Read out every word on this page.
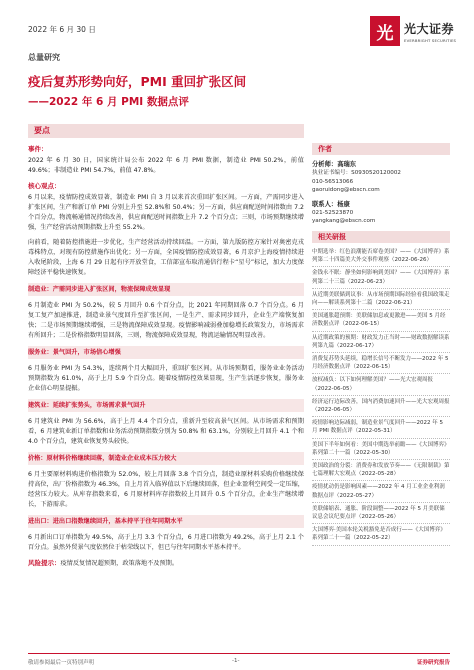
2022 年 6 月 30 日	光 光大证券
EVERBRIGHT SECURITIES
总量研究
疫后复苏形势向好，PMI 重回扩张区间
——2022 年 6 月 PMI 数据点评
要点
事件：
2022 年 6 月 30 日，国家统计局公布 2022 年 6 月 PMI 数据，制造业 PMI 50.2%，前值 49.6%；非制造业 PMI 54.7%，前值 47.8%。
核心观点：
6 月以来，疫情防控成效显著，制造业 PMI 自 3 月以来首次重回扩张区间。一方面，产需同步进入扩张区间，生产和新订单 PMI 分别上升至 52.8%和 50.4%；另一方面，供应商配送时间指数由 7.2 个百分点，物流畅通情况持续改善，供应商配送时间指数上升 7.2 个百分点；三则，市场预期继续增强，生产经营活动预期指数上升至 55.2%。
向前看，随着防控措施进一步优化，生产经营活动持续回温。一方面，第九版防控方案针对奥密克戎毒株特点，对现有防控措施作出优化；另一方面，全国疫情防控成效显著，6 月京沪上海疫情持续进入收尾阶段，上海 6 月 29 日起有序开放堂食，工信部宣布取消通信行程卡“星号”标记，加大力度保障经济平稳快速恢复。
制造业：产需同步进入扩张区间，物流保障成效显现
6 月制造业 PMI 为 50.2%，较 5 月回升 0.6 个百分点，比 2021 年同期回落 0.7 个百分点。6 月复工复产加速推进，制造业景气度回升至扩张区间，一是生产、需求同步回升，企业生产端恢复加快；二是市场预期继续增强，三是物流保障成效显现。疫情影响减弱叠加稳增长政策发力，市场需求有所回升；二是价格指数明显回落，三则，物流保障成效显现，物流运输情况明显改善。
服务业：景气回升，市场信心增强
6 月服务业 PMI 为 54.3%，连续两个月大幅回升，重回扩张区间。从市场预期看，服务业业务活动预期指数为 61.0%，高于上月 5.9 个百分点。随着疫情防控效果显现，生产生活逐步恢复，服务业企业信心明显提振。
建筑业：延续扩张势头，市场需求景气回升
6 月建筑业 PMI 为 56.6%，高于上月 4.4 个百分点，重新升至较高景气区间。从市场需求和预期看，6 月建筑业新订单指数和业务活动预期指数分别为 50.8% 和 63.1%，分别较上月回升 4.1 个和 4.0 个百分点，建筑业恢复势头较快。
价格：原材料价格继续回落，制造业企业成本压力较大
6 月主要原材料购进价格指数为 52.0%，较上月回落 3.8 个百分点，制造业原材料采购价格继续保持高位，出厂价格指数为 46.3%，自上月首入临界值以下后继续回落，但企业盈利空间受一定压缩，经营压力较大。从库存指数来看，6 月原材料库存指数较上月回升 0.5 个百分点，企业生产继续增长，下游需求。
进出口：进出口指数继续回升，基本持平于往年同期水平
6 月新出口订单指数为 49.5%，高于上月 3.3 个百分点，6 月进口指数为 49.2%，高于上月 2.1 个百分点。虽然外贸景气度依然位于枯荣线以下，但已与往年同期水平基本持平。
风险提示：疫情反复情况超预期，政策落地不及预期。
作者
分析师：高瑞东
执业证书编号：S0930520120002
010-56513066
gaoruidong@ebscn.com
联系人：杨康
021-52523870
yangkang@ebscn.com
相关研报
中期选举：红色浪潮能否席卷美国？——《大国博弈》系列第二十四篇美大外交事件观察（2022-06-26）
金钱永不眠：静坐如何影响到美国？——《大国博弈》系列第二十三篇（2022-06-23）
从近期美联储到议事：从市场预期国际经验看我国政策走向——解读系列第十二篇（2022-06-21）
美国通胀超预期：美联储加息或更激进——美国 5 月经济数据点评（2022-06-15）
从近期政策的预期：财政发力正当时——财政数据解读系列第九篇（2022-06-17）
消费复苏势头延续，稳增长信号不断发力——2022 年 5 月经济数据点评（2022-06-15）
放权减负：以下如何理解美国？——光大宏观周报（2022-06-05）
经济运行边际改善，国内消费加速回升——光大宏观周报（2022-06-05）
疫情影响边际减弱，制造业景气度回升——2022 年 5 月 PMI 数据点评（2022-05-31）
美国下半年如何看：美国中期选举前瞻——《大国博弈》系列第二十一篇（2022-05-30）
美国政治的分裂：消费券和发放节奏——《无限制裁》第七篇理解大宏观点（2022-05-28）
疫情扰动仍是影响因素——2022 年 4 月工业企业利润数据点评（2022-05-27）
美联储缩表、通胀、阶段调整——2022 年 5 月美联储议息会议纪要点评（2022-05-26）
大国博弈·美国本轮关税豁免是否成行——《大国博弈》系列第二十一篇（2022-05-22）
敬请参阅最后一页特别声明	-1-	证券研究报告
